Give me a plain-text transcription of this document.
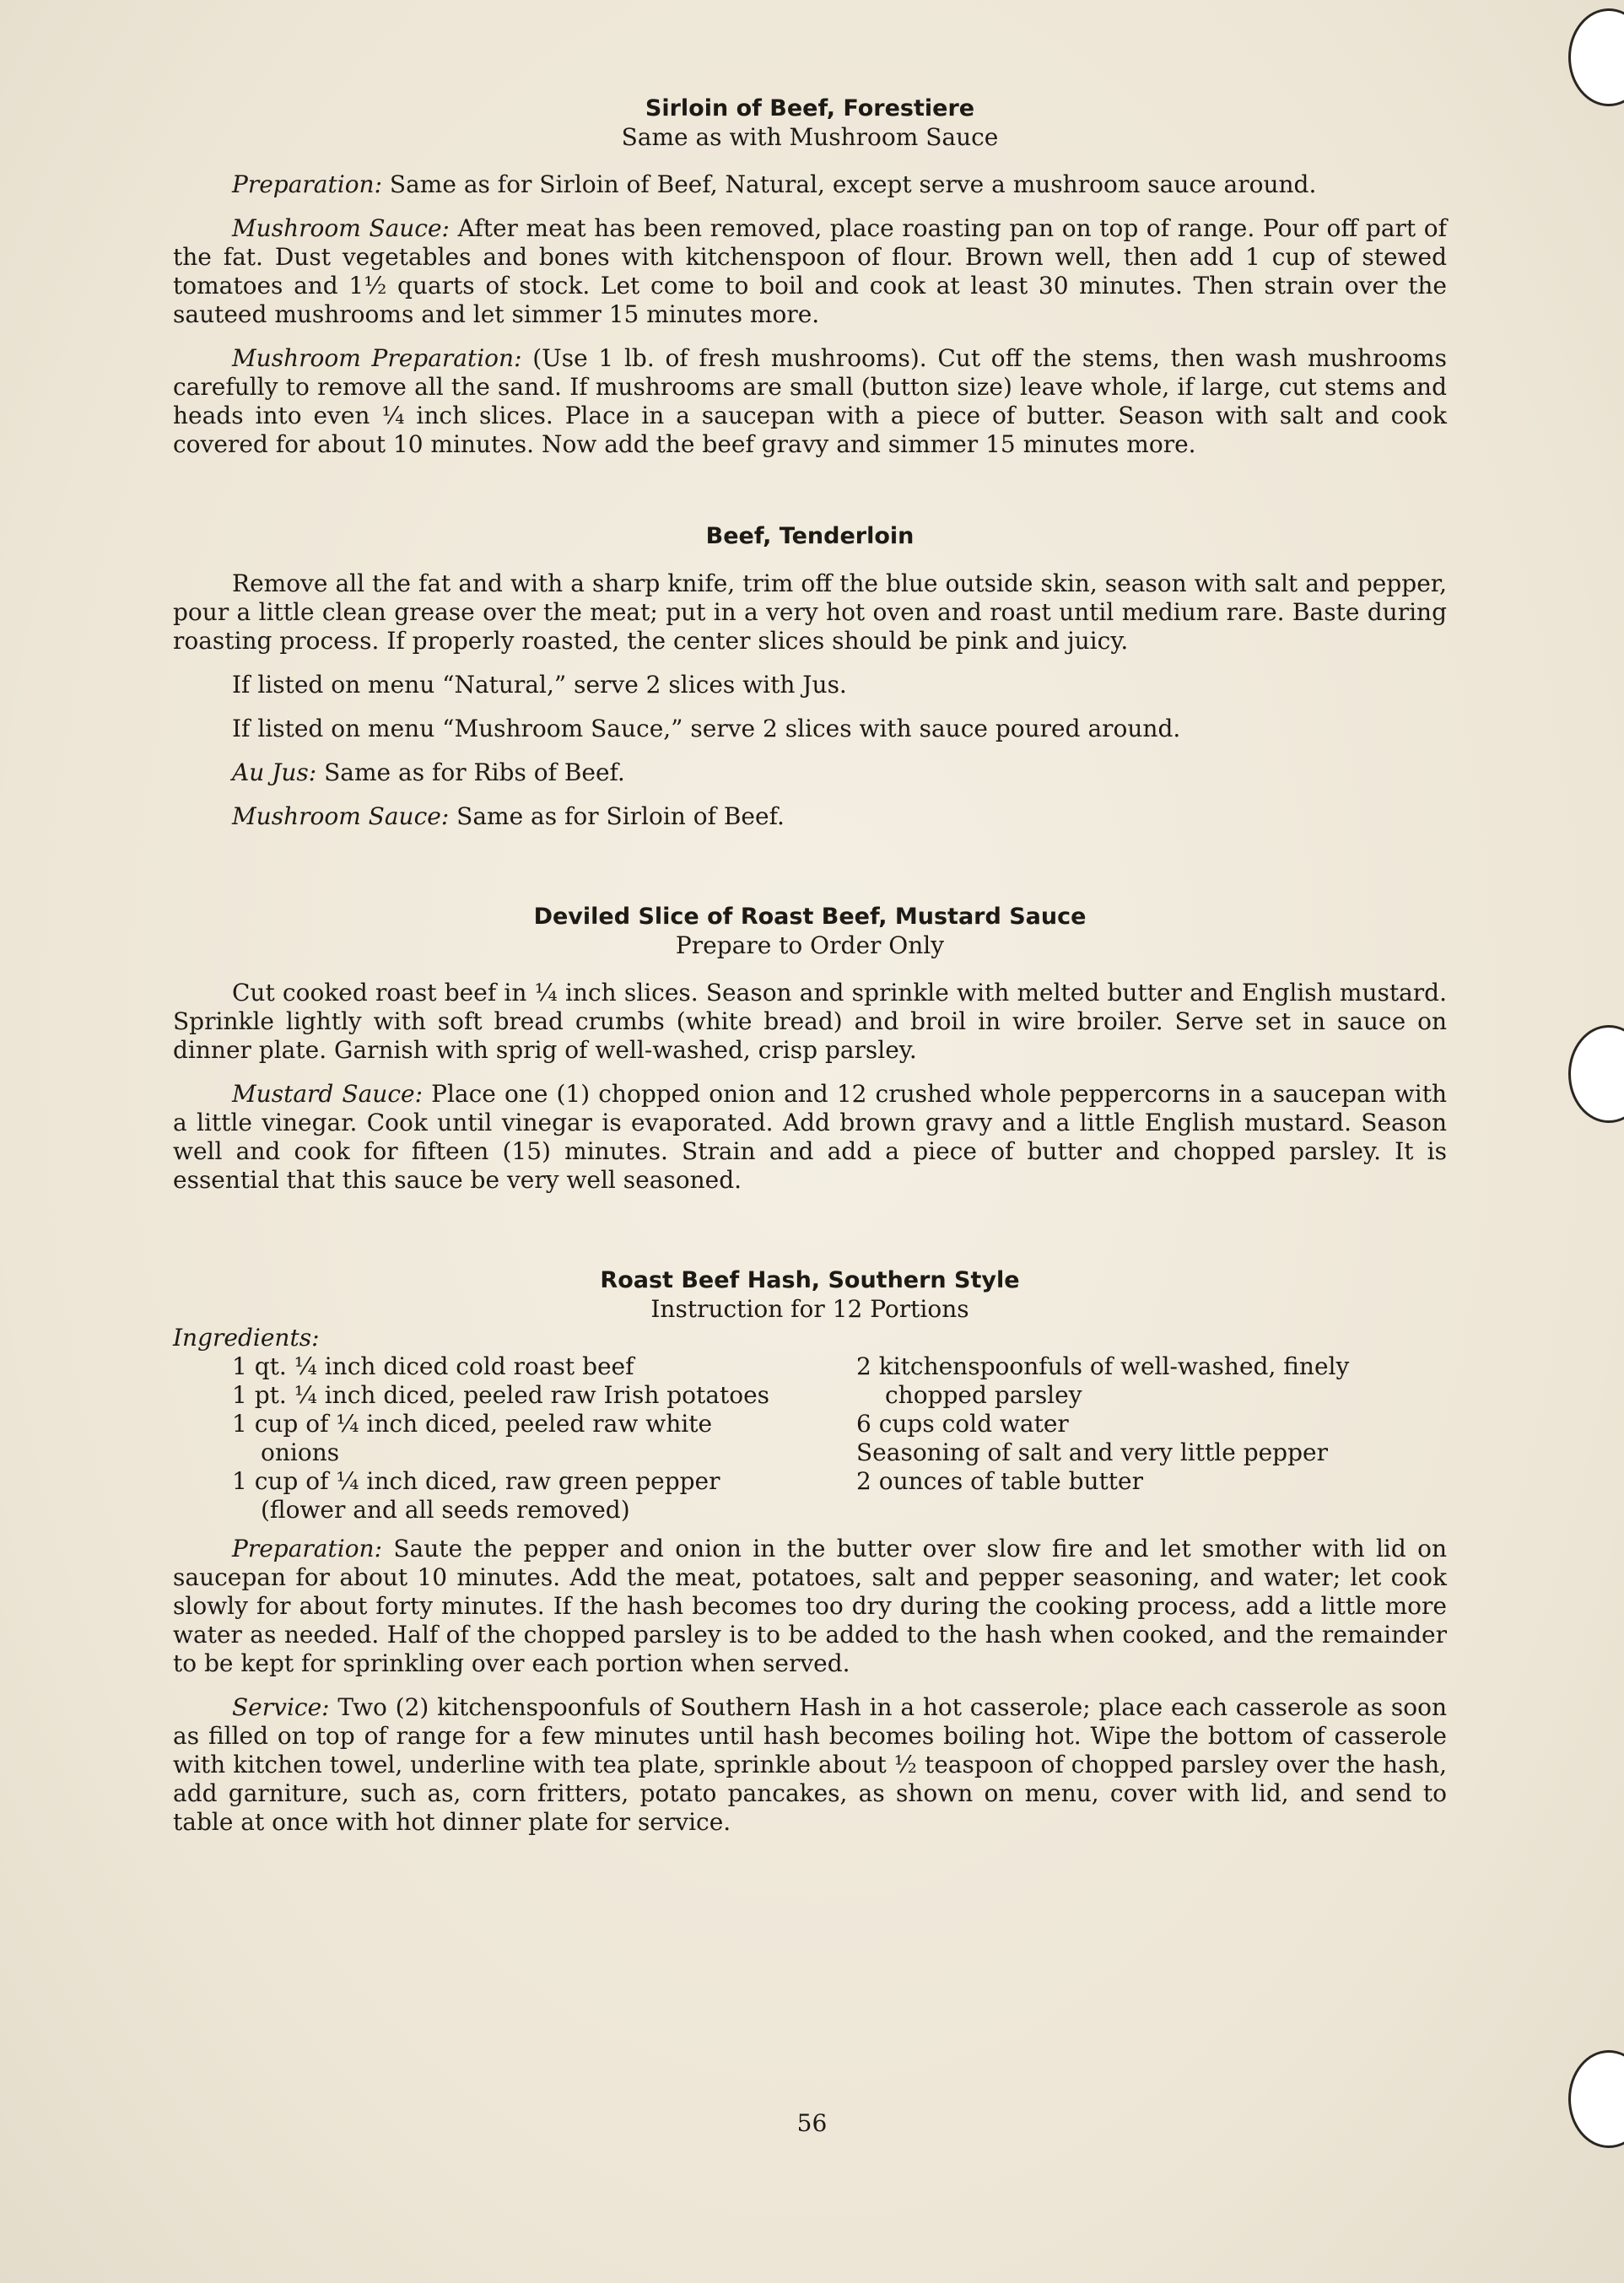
Sirloin of Beef, Forestiere
Same as with Mushroom Sauce

Preparation: Same as for Sirloin of Beef, Natural, except serve a mushroom sauce around.

Mushroom Sauce: After meat has been removed, place roasting pan on top of range. Pour off part of the fat. Dust vegetables and bones with kitchenspoon of flour. Brown well, then add 1 cup of stewed tomatoes and 1½ quarts of stock. Let come to boil and cook at least 30 minutes. Then strain over the sauteed mushrooms and let simmer 15 minutes more.

Mushroom Preparation: (Use 1 lb. of fresh mushrooms). Cut off the stems, then wash mushrooms carefully to remove all the sand. If mushrooms are small (button size) leave whole, if large, cut stems and heads into even ¼ inch slices. Place in a saucepan with a piece of butter. Season with salt and cook covered for about 10 minutes. Now add the beef gravy and simmer 15 minutes more.

Beef, Tenderloin

Remove all the fat and with a sharp knife, trim off the blue outside skin, season with salt and pepper, pour a little clean grease over the meat; put in a very hot oven and roast until medium rare. Baste during roasting process. If properly roasted, the center slices should be pink and juicy.

If listed on menu “Natural,” serve 2 slices with Jus.

If listed on menu “Mushroom Sauce,” serve 2 slices with sauce poured around.

Au Jus: Same as for Ribs of Beef.

Mushroom Sauce: Same as for Sirloin of Beef.

Deviled Slice of Roast Beef, Mustard Sauce
Prepare to Order Only

Cut cooked roast beef in ¼ inch slices. Season and sprinkle with melted butter and English mustard. Sprinkle lightly with soft bread crumbs (white bread) and broil in wire broiler. Serve set in sauce on dinner plate. Garnish with sprig of well-washed, crisp parsley.

Mustard Sauce: Place one (1) chopped onion and 12 crushed whole peppercorns in a saucepan with a little vinegar. Cook until vinegar is evaporated. Add brown gravy and a little English mustard. Season well and cook for fifteen (15) minutes. Strain and add a piece of butter and chopped parsley. It is essential that this sauce be very well seasoned.

Roast Beef Hash, Southern Style
Instruction for 12 Portions
Ingredients:
1 qt. ¼ inch diced cold roast beef
1 pt. ¼ inch diced, peeled raw Irish potatoes
1 cup of ¼ inch diced, peeled raw white onions
1 cup of ¼ inch diced, raw green pepper (flower and all seeds removed)
2 kitchenspoonfuls of well-washed, finely chopped parsley
6 cups cold water
Seasoning of salt and very little pepper
2 ounces of table butter

Preparation: Saute the pepper and onion in the butter over slow fire and let smother with lid on saucepan for about 10 minutes. Add the meat, potatoes, salt and pepper seasoning, and water; let cook slowly for about forty minutes. If the hash becomes too dry during the cooking process, add a little more water as needed. Half of the chopped parsley is to be added to the hash when cooked, and the remainder to be kept for sprinkling over each portion when served.

Service: Two (2) kitchenspoonfuls of Southern Hash in a hot casserole; place each casserole as soon as filled on top of range for a few minutes until hash becomes boiling hot. Wipe the bottom of casserole with kitchen towel, underline with tea plate, sprinkle about ½ teaspoon of chopped parsley over the hash, add garniture, such as, corn fritters, potato pancakes, as shown on menu, cover with lid, and send to table at once with hot dinner plate for service.

56
